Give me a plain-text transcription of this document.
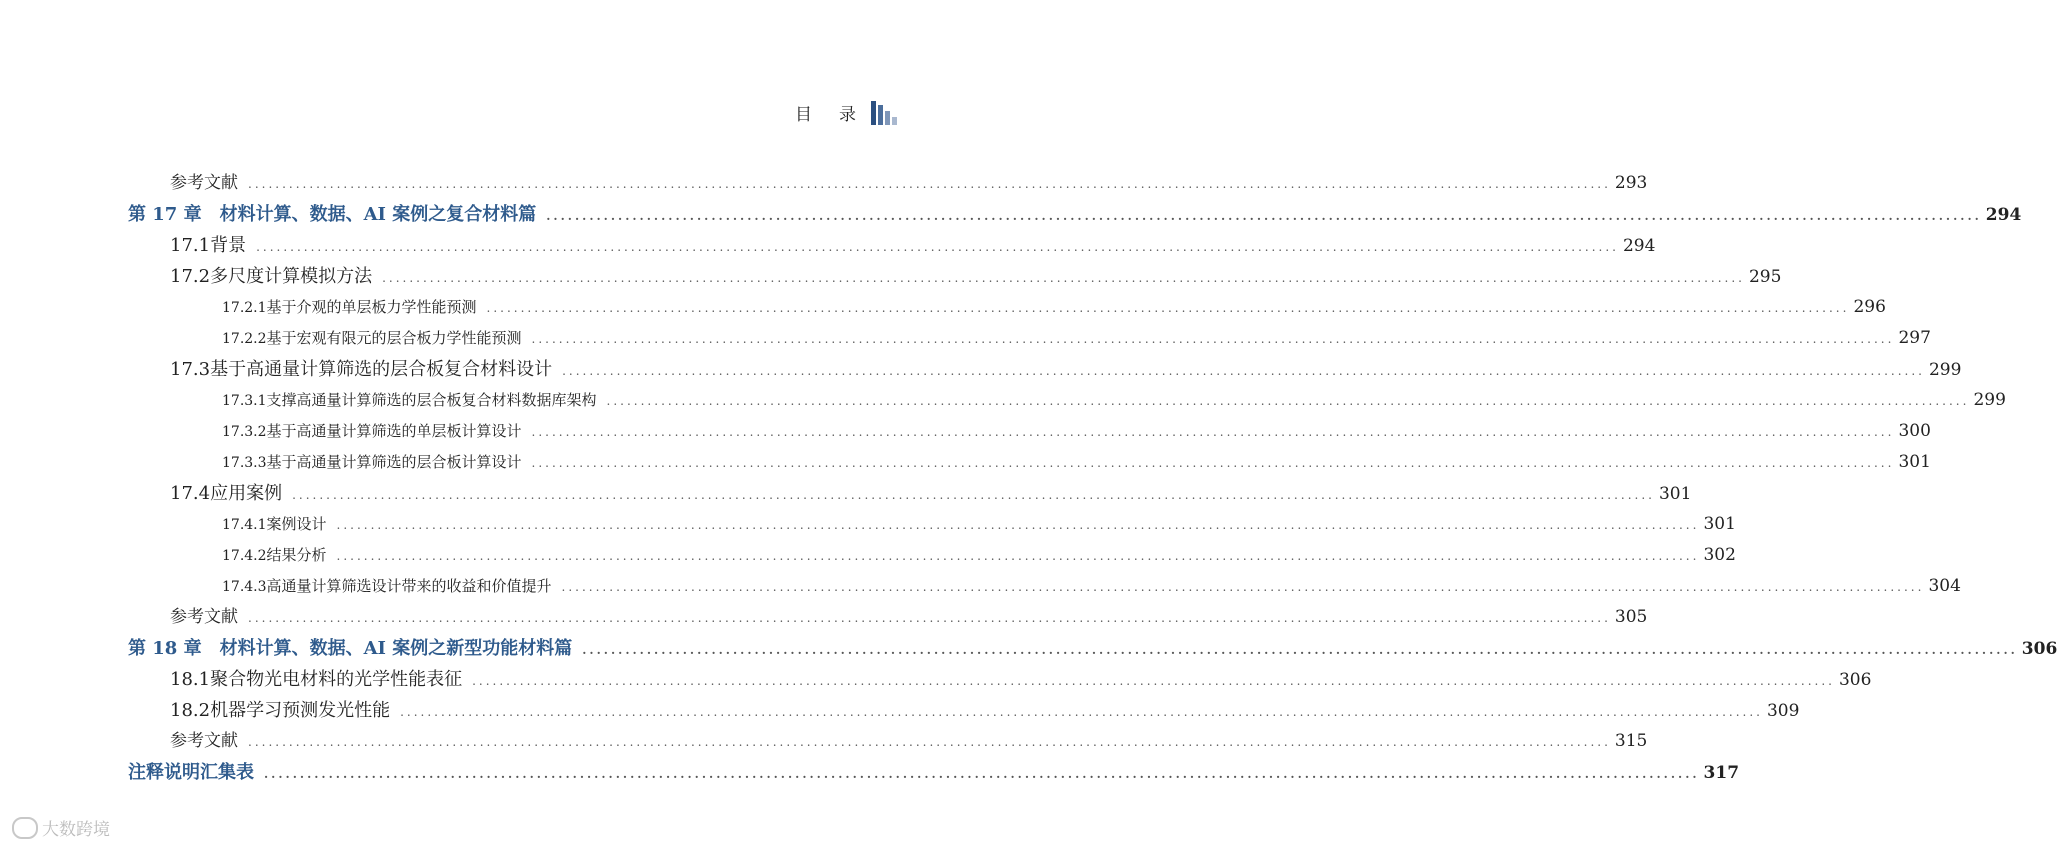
目 录
参考文献 ........................................................................................................................................................................................................ 293
第 17 章 材料计算、数据、AI 案例之复合材料篇 ........................................................................................................................................................................................................ 294
17.1 背景 ........................................................................................................................................................................................................ 294
17.2 多尺度计算模拟方法 ........................................................................................................................................................................................................ 295
17.2.1 基于介观的单层板力学性能预测 ........................................................................................................................................................................................................ 296
17.2.2 基于宏观有限元的层合板力学性能预测 ........................................................................................................................................................................................................ 297
17.3 基于高通量计算筛选的层合板复合材料设计 ........................................................................................................................................................................................................ 299
17.3.1 支撑高通量计算筛选的层合板复合材料数据库架构 ........................................................................................................................................................................................................ 299
17.3.2 基于高通量计算筛选的单层板计算设计 ........................................................................................................................................................................................................ 300
17.3.3 基于高通量计算筛选的层合板计算设计 ........................................................................................................................................................................................................ 301
17.4 应用案例 ........................................................................................................................................................................................................ 301
17.4.1 案例设计 ........................................................................................................................................................................................................ 301
17.4.2 结果分析 ........................................................................................................................................................................................................ 302
17.4.3 高通量计算筛选设计带来的收益和价值提升 ........................................................................................................................................................................................................ 304
参考文献 ........................................................................................................................................................................................................ 305
第 18 章 材料计算、数据、AI 案例之新型功能材料篇 ........................................................................................................................................................................................................ 306
18.1 聚合物光电材料的光学性能表征 ........................................................................................................................................................................................................ 306
18.2 机器学习预测发光性能 ........................................................................................................................................................................................................ 309
参考文献 ........................................................................................................................................................................................................ 315
注释说明汇集表 ........................................................................................................................................................................................................ 317
大数跨境
